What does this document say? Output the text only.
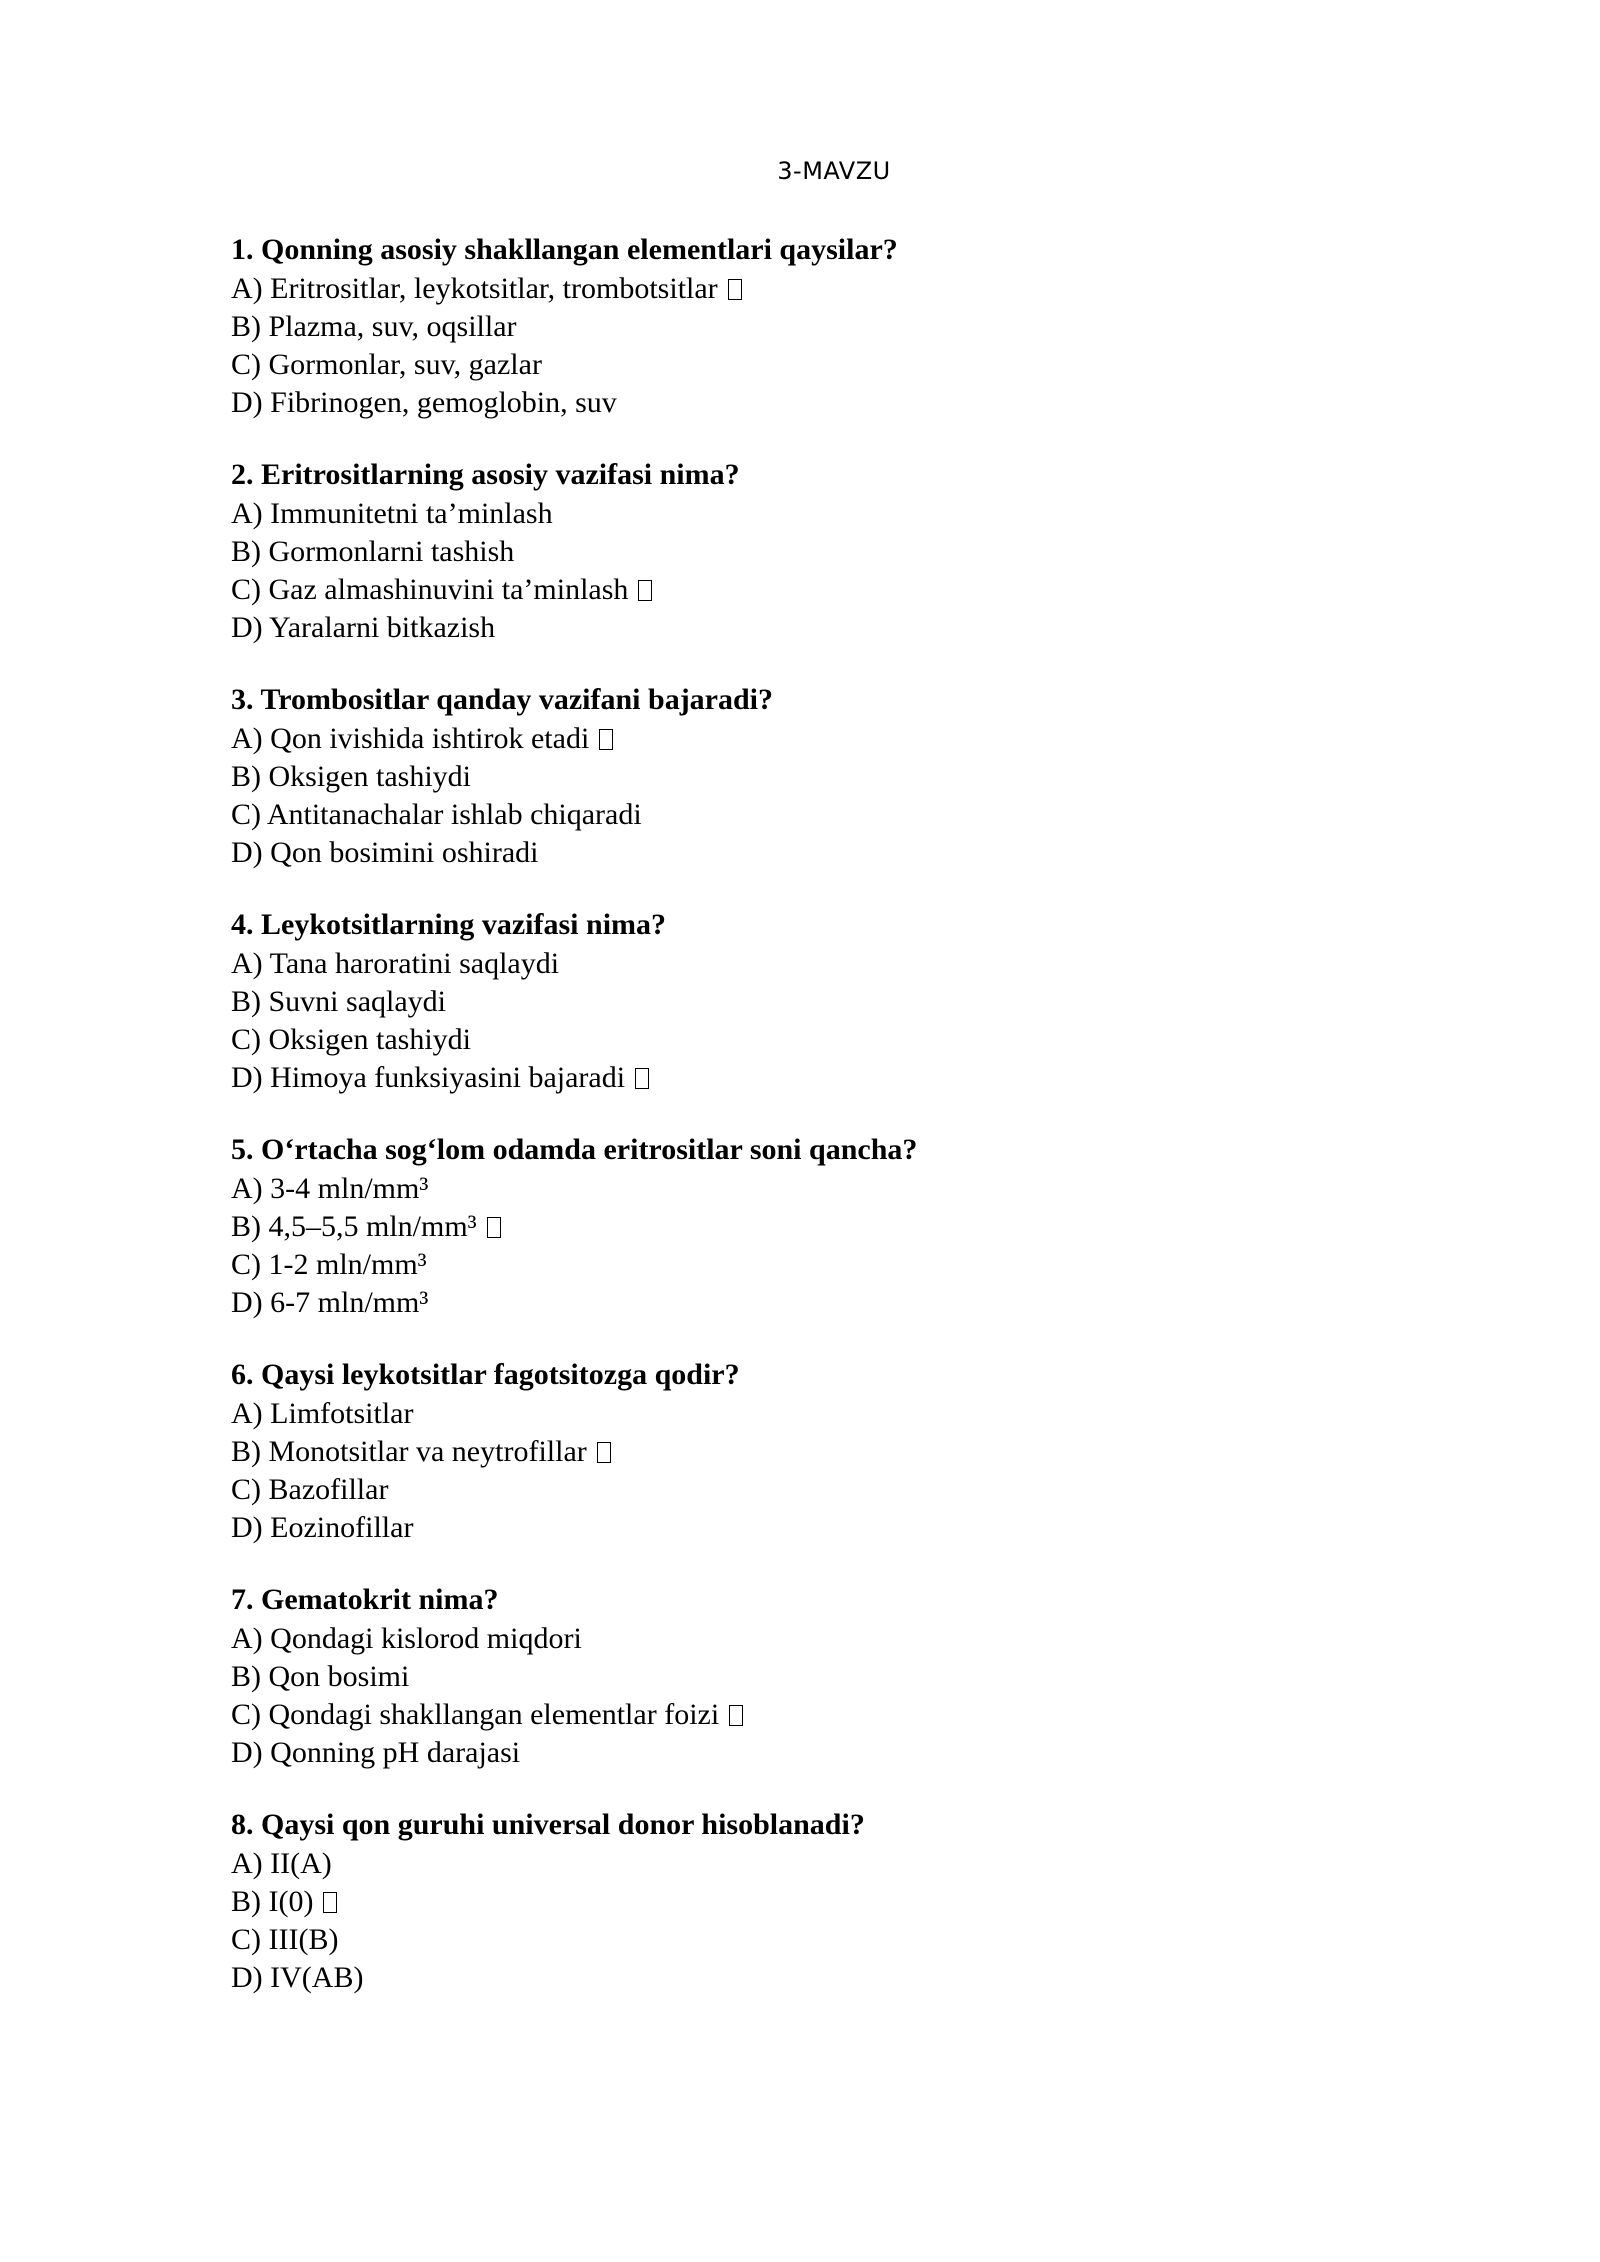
3-MAVZU
1. Qonning asosiy shakllangan elementlari qaysilar?
A) Eritrositlar, leykotsitlar, trombotsitlar
B) Plazma, suv, oqsillar
C) Gormonlar, suv, gazlar
D) Fibrinogen, gemoglobin, suv
2. Eritrositlarning asosiy vazifasi nima?
A) Immunitetni ta’minlash
B) Gormonlarni tashish
C) Gaz almashinuvini ta’minlash
D) Yaralarni bitkazish
3. Trombositlar qanday vazifani bajaradi?
A) Qon ivishida ishtirok etadi
B) Oksigen tashiydi
C) Antitanachalar ishlab chiqaradi
D) Qon bosimini oshiradi
4. Leykotsitlarning vazifasi nima?
A) Tana haroratini saqlaydi
B) Suvni saqlaydi
C) Oksigen tashiydi
D) Himoya funksiyasini bajaradi
5. O‘rtacha sog‘lom odamda eritrositlar soni qancha?
A) 3-4 mln/mm³
B) 4,5–5,5 mln/mm³
C) 1-2 mln/mm³
D) 6-7 mln/mm³
6. Qaysi leykotsitlar fagotsitozga qodir?
A) Limfotsitlar
B) Monotsitlar va neytrofillar
C) Bazofillar
D) Eozinofillar
7. Gematokrit nima?
A) Qondagi kislorod miqdori
B) Qon bosimi
C) Qondagi shakllangan elementlar foizi
D) Qonning pH darajasi
8. Qaysi qon guruhi universal donor hisoblanadi?
A) II(A)
B) I(0)
C) III(B)
D) IV(AB)
